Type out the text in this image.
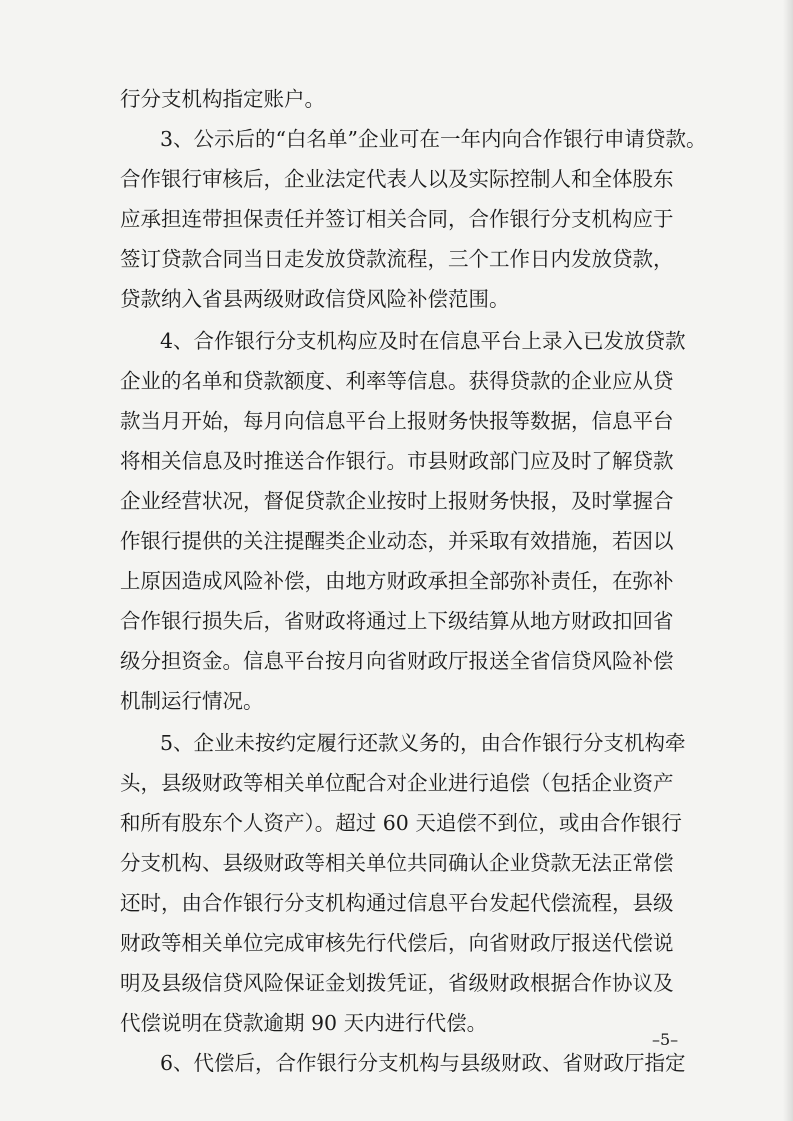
行分支机构指定账户。
3、公示后的“白名单”企业可在一年内向合作银行申请贷款。
合作银行审核后，企业法定代表人以及实际控制人和全体股东
应承担连带担保责任并签订相关合同，合作银行分支机构应于
签订贷款合同当日走发放贷款流程，三个工作日内发放贷款，
贷款纳入省县两级财政信贷风险补偿范围。
4、合作银行分支机构应及时在信息平台上录入已发放贷款
企业的名单和贷款额度、利率等信息。获得贷款的企业应从贷
款当月开始，每月向信息平台上报财务快报等数据，信息平台
将相关信息及时推送合作银行。市县财政部门应及时了解贷款
企业经营状况，督促贷款企业按时上报财务快报，及时掌握合
作银行提供的关注提醒类企业动态，并采取有效措施，若因以
上原因造成风险补偿，由地方财政承担全部弥补责任，在弥补
合作银行损失后，省财政将通过上下级结算从地方财政扣回省
级分担资金。信息平台按月向省财政厅报送全省信贷风险补偿
机制运行情况。
5、企业未按约定履行还款义务的，由合作银行分支机构牵
头，县级财政等相关单位配合对企业进行追偿（包括企业资产
和所有股东个人资产）。超过 60 天追偿不到位，或由合作银行
分支机构、县级财政等相关单位共同确认企业贷款无法正常偿
还时，由合作银行分支机构通过信息平台发起代偿流程，县级
财政等相关单位完成审核先行代偿后，向省财政厅报送代偿说
明及县级信贷风险保证金划拨凭证，省级财政根据合作协议及
代偿说明在贷款逾期 90 天内进行代偿。
6、代偿后，合作银行分支机构与县级财政、省财政厅指定
–5–
